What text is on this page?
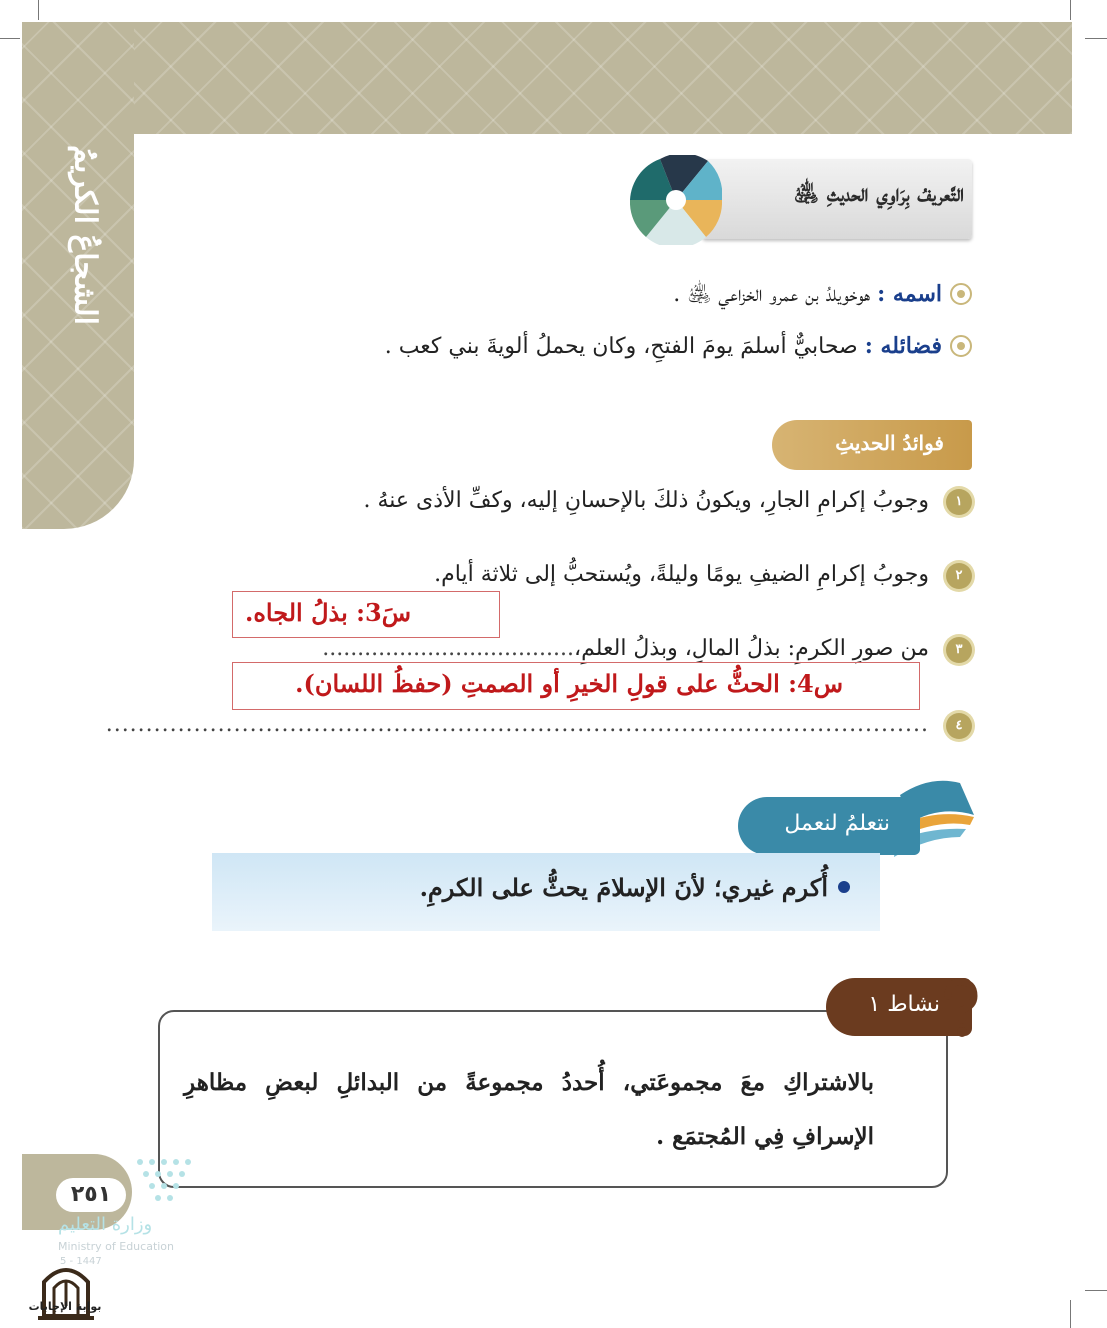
الشجاعُ الكريمُ	التَّعريفُ بِرَاوِي الحديثِ ﵁
اسمه : هوخويلدُ بن عمرو الخزاعي ﵁ .
فضائله : صحابيٌّ أسلمَ يومَ الفتحِ، وكان يحملُ ألويةَ بني كعب .
فوائدُ الحديثِ
١ وجوبُ إكرامِ الجارِ، ويكونُ ذلكَ بالإحسانِ إليه، وكفِّ الأذى عنهُ .
٢ وجوبُ إكرامِ الضيفِ يومًا وليلةً، ويُستحبُّ إلى ثلاثة أيام.
سَ3: بذلُ الجاه.
٣ من صورِ الكرمِ: بذلُ المالِ، وبذلُ العلمِ،....................................
س4: الحثُّ على قولِ الخيرِ أو الصمتِ (حفظُ اللسان).
٤ .......................................................................................................
نتعلمُ لنعمل
أُكرم غيري؛ لأنَ الإسلامَ يحثُّ على الكرمِ.
بالاشتراكِ معَ مجموعَتي، أُحددُ مجموعةً من البدائلِ لبعضِ مظاهرِ الإسرافِ فِي المُجتمَع .
نشاط ١
٢٥١
وزارة التعليم
Ministry of Education
5 - 1447
بوابة الإجابات
